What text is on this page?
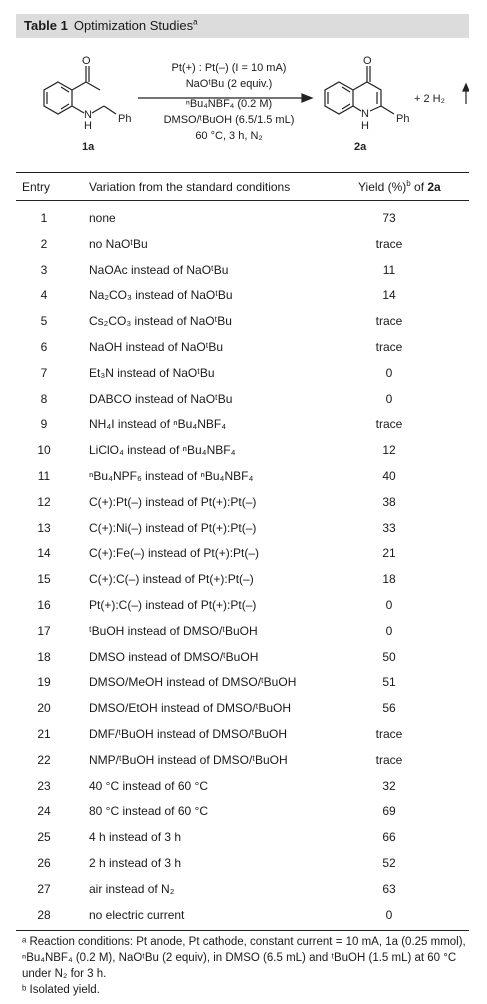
Table 1 Optimization Studies$^a$
O
N
H
Ph
O
N
H
Ph
1a	2a
+ 2 H₂
Pt(+) : Pt(–) (I = 10 mA)
NaOᵗBu (2 equiv.)
ⁿBu₄NBF₄ (0.2 M)
DMSO/ᵗBuOH (6.5/1.5 mL)
60 °C, 3 h, N₂
Entry	Variation from the standard conditions	Yield (%)$^b$ of 2a
1	none	73
2	no NaOᵗBu	trace
3	NaOAc instead of NaOᵗBu	11
4	Na₂CO₃ instead of NaOᵗBu	14
5	Cs₂CO₃ instead of NaOᵗBu	trace
6	NaOH instead of NaOᵗBu	trace
7	Et₃N instead of NaOᵗBu	0
8	DABCO instead of NaOᵗBu	0
9	NH₄I instead of ⁿBu₄NBF₄	trace
10	LiClO₄ instead of ⁿBu₄NBF₄	12
11	ⁿBu₄NPF₆ instead of ⁿBu₄NBF₄	40
12	C(+):Pt(–) instead of Pt(+):Pt(–)	38
13	C(+):Ni(–) instead of Pt(+):Pt(–)	33
14	C(+):Fe(–) instead of Pt(+):Pt(–)	21
15	C(+):C(–) instead of Pt(+):Pt(–)	18
16	Pt(+):C(–) instead of Pt(+):Pt(–)	0
17	ᵗBuOH instead of DMSO/ᵗBuOH	0
18	DMSO instead of DMSO/ᵗBuOH	50
19	DMSO/MeOH instead of DMSO/ᵗBuOH	51
20	DMSO/EtOH instead of DMSO/ᵗBuOH	56
21	DMF/ᵗBuOH instead of DMSO/ᵗBuOH	trace
22	NMP/ᵗBuOH instead of DMSO/ᵗBuOH	trace
23	40 °C instead of 60 °C	32
24	80 °C instead of 60 °C	69
25	4 h instead of 3 h	66
26	2 h instead of 3 h	52
27	air instead of N₂	63
28	no electric current	0
ᵃ Reaction conditions: Pt anode, Pt cathode, constant current = 10 mA, 1a (0.25 mmol), ⁿBu₄NBF₄ (0.2 M), NaOᵗBu (2 equiv), in DMSO (6.5 mL) and ᵗBuOH (1.5 mL) at 60 °C under N₂ for 3 h.
ᵇ Isolated yield.
